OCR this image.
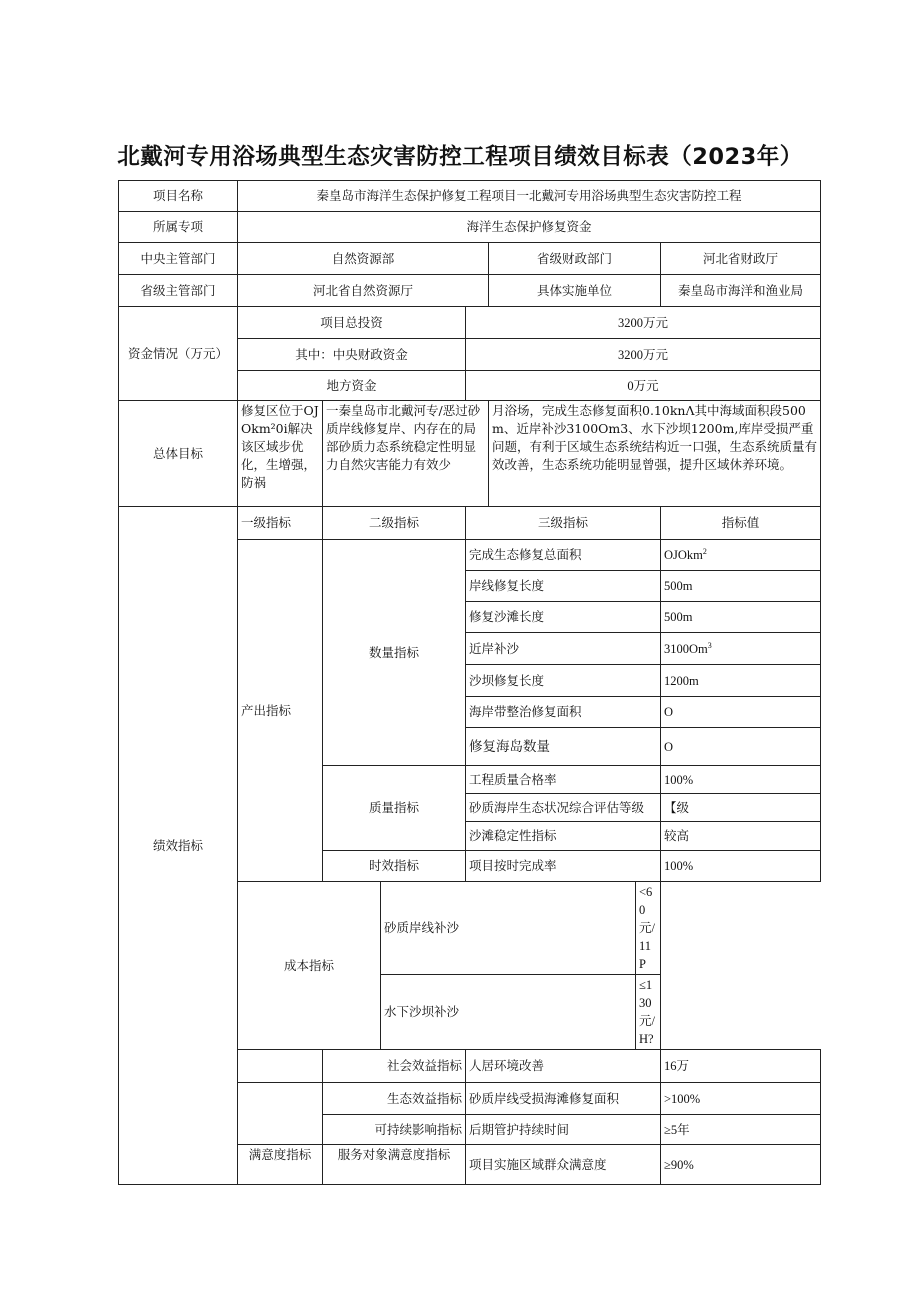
北戴河专用浴场典型生态灾害防控工程项目绩效目标表（2023年）
项目名称	秦皇岛市海洋生态保护修复工程项目一北戴河专用浴场典型生态灾害防控工程						
所属专项	海洋生态保护修复资金						
中央主管部门	自然资源部				省级财政部门		河北省财政厅
省级主管部门	河北省自然资源厅				具体实施单位		秦皇岛市海洋和渔业局
资金情况（万元）	项目总投资			3200万元			
	其中：中央财政资金			3200万元			
	地方资金			0万元			
总体目标	修复区位于OJOkm²0i解决该区域步优化，生增强，防祸	一秦皇岛市北戴河专/恶过砂质岸线修复岸、内存在的局部砂质力态系统稳定性明显力自然灾害能力有效少			月浴场，完成生态修复面积0.10knΛ其中海域面积段500m、近岸补沙3100Om3、水下沙坝1200m,库岸受损严重问题，有利于区域生态系统结构近一口强，生态系统质量有效改善，生态系统功能明显曾强，提升区域休养环境。		
绩效指标	一级指标	二级指标		三级指标			指标值
	产出指标	数量指标		完成生态修复总面积			OJOkm$^2$
				岸线修复长度			500m
				修复沙滩长度			500m
				近岸补沙			3100Om$^3$
				沙坝修复长度			1200m
				海岸带整治修复面积			O
				修复海岛数量			O
		质量指标		工程质量合格率			100%
				砂质海岸生态状况综合评估等级			【级
				沙滩稳定性指标			较高
		时效指标		项目按时完成率			100%
	成本指标		砂质岸线补沙			<60元/11P	
			水下沙坝补沙			≤130元/H?	
		社会效益指标		人居环境改善			16万
		生态效益指标		砂质岸线受损海滩修复面积			>100%
		可持续影响指标		后期管护持续时间			≥5年
	满意度指标	服务对象满意度指标		项目实施区域群众满意度			≥90%
